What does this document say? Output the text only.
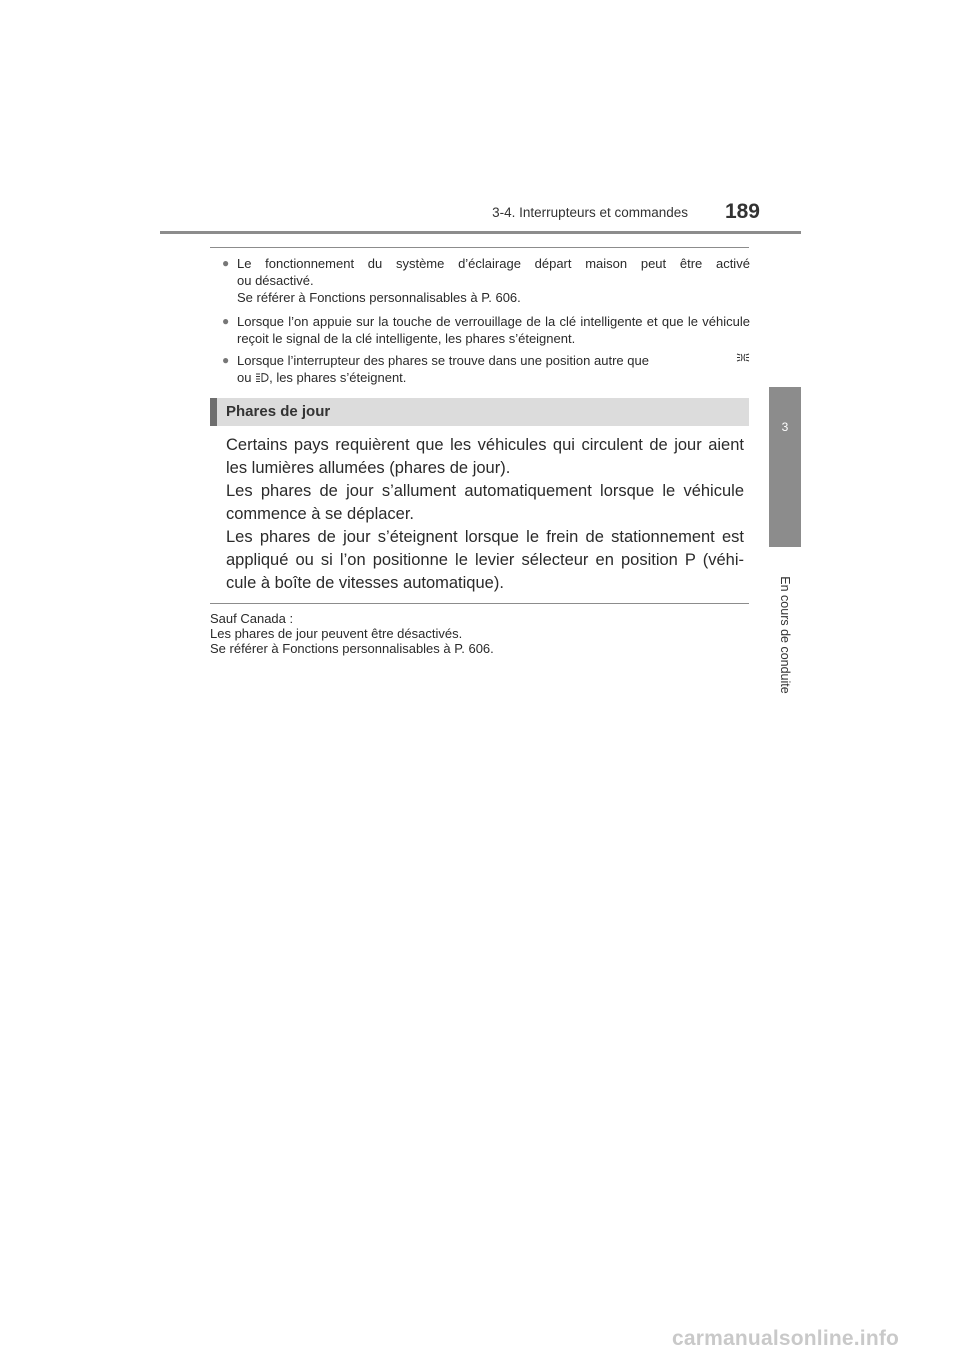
3-4. Interrupteurs et commandes	189
3
En cours de conduite
● Le fonctionnement du système d’éclairage départ maison peut être activé
ou désactivé.
Se référer à Fonctions personnalisables à P. 606.
● Lorsque l’on appuie sur la touche de verrouillage de la clé intelligente et que le véhicule reçoit le signal de la clé intelligente, les phares s’éteignent.
● Lorsque l’interrupteur des phares se trouve dans une position autre que
ou , les phares s’éteignent.
Phares de jour

Certains pays requièrent que les véhicules qui circulent de jour aient les lumières allumées (phares de jour).

Les phares de jour s’allument automatiquement lorsque le véhicule commence à se déplacer.

Les phares de jour s’éteignent lorsque le frein de stationnement est appliqué ou si l’on positionne le levier sélecteur en position P (véhi-cule à boîte de vitesses automatique).

Sauf Canada :
Les phares de jour peuvent être désactivés.
Se référer à Fonctions personnalisables à P. 606.
carmanualsonline.info
